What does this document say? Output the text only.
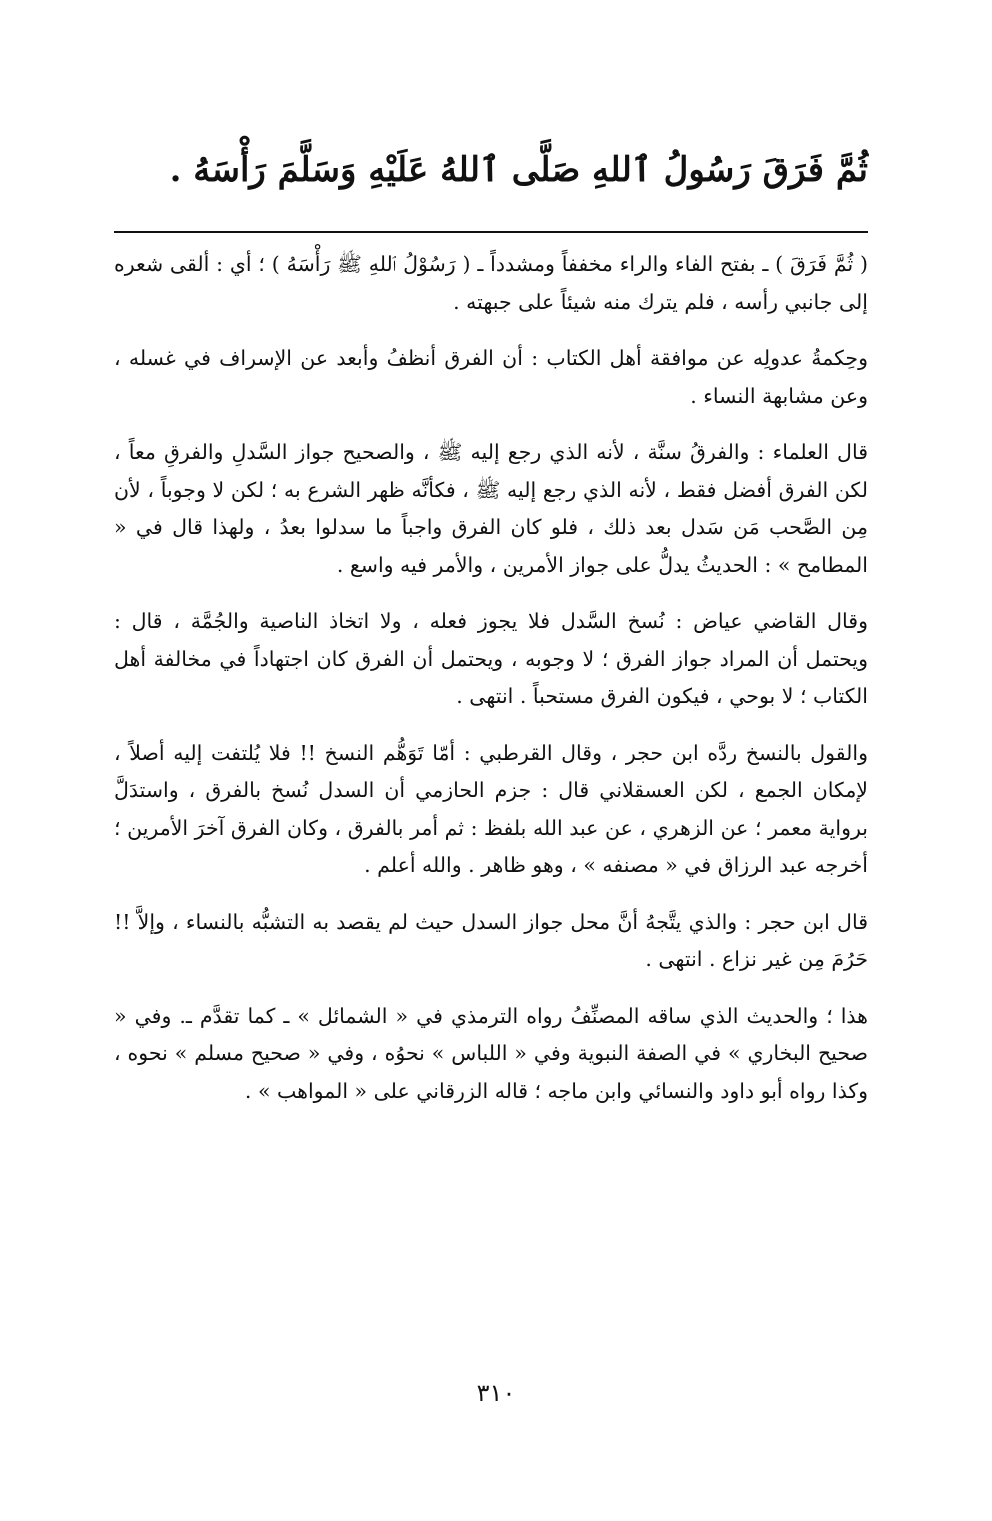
ثُمَّ فَرَقَ رَسُولُ ٱللهِ صَلَّى ٱللهُ عَلَيْهِ وَسَلَّمَ رَأْسَهُ .

( ثُمَّ فَرَقَ ) ـ بفتح الفاء والراء مخففاً ومشدداً ـ ( رَسُوْلُ ٱللهِ ﷺ رَأْسَهُ ) ؛ أي : ألقى شعره إلى جانبي رأسه ، فلم يترك منه شيئاً على جبهته .

وحِكمةُ عدولِه عن موافقة أهل الكتاب : أن الفرق أنظفُ وأبعد عن الإسراف في غسله ، وعن مشابهة النساء .

قال العلماء : والفرقُ سنَّة ، لأنه الذي رجع إليه ﷺ ، والصحيح جواز السَّدلِ والفرقِ معاً ، لكن الفرق أفضل فقط ، لأنه الذي رجع إليه ﷺ ، فكأنَّه ظهر الشرع به ؛ لكن لا وجوباً ، لأن مِن الصَّحب مَن سَدل بعد ذلك ، فلو كان الفرق واجباً ما سدلوا بعدُ ، ولهذا قال في « المطامح » : الحديثُ يدلُّ على جواز الأمرين ، والأمر فيه واسع .

وقال القاضي عياض : نُسخ السَّدل فلا يجوز فعله ، ولا اتخاذ الناصية والجُمَّة ، قال : ويحتمل أن المراد جواز الفرق ؛ لا وجوبه ، ويحتمل أن الفرق كان اجتهاداً في مخالفة أهل الكتاب ؛ لا بوحي ، فيكون الفرق مستحباً . انتهى .

والقول بالنسخ ردَّه ابن حجر ، وقال القرطبي : أمّا تَوَهُّم النسخ !! فلا يُلتفت إليه أصلاً ، لإمكان الجمع ، لكن العسقلاني قال : جزم الحازمي أن السدل نُسخ بالفرق ، واستدَلَّ برواية معمر ؛ عن الزهري ، عن عبد الله بلفظ : ثم أمر بالفرق ، وكان الفرق آخرَ الأمرين ؛ أخرجه عبد الرزاق في « مصنفه » ، وهو ظاهر . والله أعلم .

قال ابن حجر : والذي يتَّجهُ أنَّ محل جواز السدل حيث لم يقصد به التشبُّه بالنساء ، وإلاَّ !! حَرُمَ مِن غير نزاع . انتهى .

هذا ؛ والحديث الذي ساقه المصنِّفُ رواه الترمذي في « الشمائل » ـ كما تقدَّم ـ. وفي « صحيح البخاري » في الصفة النبوية وفي « اللباس » نحوُه ، وفي « صحيح مسلم » نحوه ، وكذا رواه أبو داود والنسائي وابن ماجه ؛ قاله الزرقاني على « المواهب » .

٣١٠
